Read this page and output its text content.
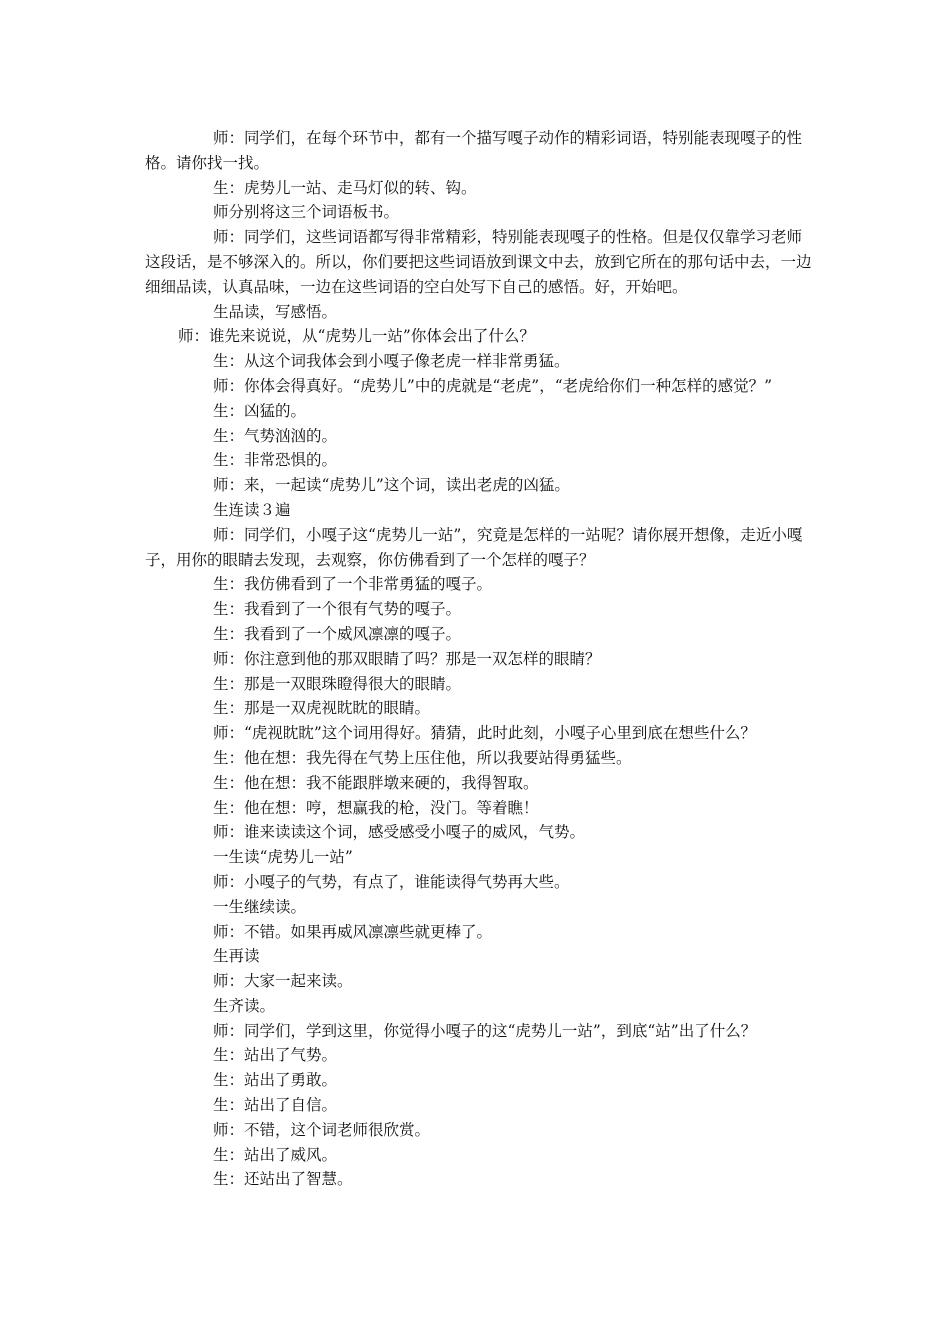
师：同学们，在每个环节中，都有一个描写嘎子动作的精彩词语，特别能表现嘎子的性格。请你找一找。

生：虎势儿一站、走马灯似的转、钩。

师分别将这三个词语板书。

师：同学们，这些词语都写得非常精彩，特别能表现嘎子的性格。但是仅仅靠学习老师这段话，是不够深入的。所以，你们要把这些词语放到课文中去，放到它所在的那句话中去，一边细细品读，认真品味，一边在这些词语的空白处写下自己的感悟。好，开始吧。

生品读，写感悟。

师：谁先来说说，从“虎势儿一站”你体会出了什么？

生：从这个词我体会到小嘎子像老虎一样非常勇猛。

师：你体会得真好。“虎势儿”中的虎就是“老虎”，“老虎给你们一种怎样的感觉？”

生：凶猛的。

生：气势汹汹的。

生：非常恐惧的。

师：来，一起读“虎势儿”这个词，读出老虎的凶猛。

生连读３遍

师：同学们，小嘎子这“虎势儿一站”，究竟是怎样的一站呢？请你展开想像，走近小嘎子，用你的眼睛去发现，去观察，你仿佛看到了一个怎样的嘎子？

生：我仿佛看到了一个非常勇猛的嘎子。

生：我看到了一个很有气势的嘎子。

生：我看到了一个威风凛凛的嘎子。

师：你注意到他的那双眼睛了吗？那是一双怎样的眼睛？

生：那是一双眼珠瞪得很大的眼睛。

生：那是一双虎视眈眈的眼睛。

师：“虎视眈眈”这个词用得好。猜猜，此时此刻，小嘎子心里到底在想些什么？

生：他在想：我先得在气势上压住他，所以我要站得勇猛些。

生：他在想：我不能跟胖墩来硬的，我得智取。

生：他在想：哼，想赢我的枪，没门。等着瞧！

师：谁来读读这个词，感受感受小嘎子的威风，气势。

一生读“虎势儿一站”

师：小嘎子的气势，有点了，谁能读得气势再大些。

一生继续读。

师：不错。如果再威风凛凛些就更棒了。

生再读

师：大家一起来读。

生齐读。

师：同学们，学到这里，你觉得小嘎子的这“虎势儿一站”，到底“站”出了什么？

生：站出了气势。

生：站出了勇敢。

生：站出了自信。

师：不错，这个词老师很欣赏。

生：站出了威风。

生：还站出了智慧。
